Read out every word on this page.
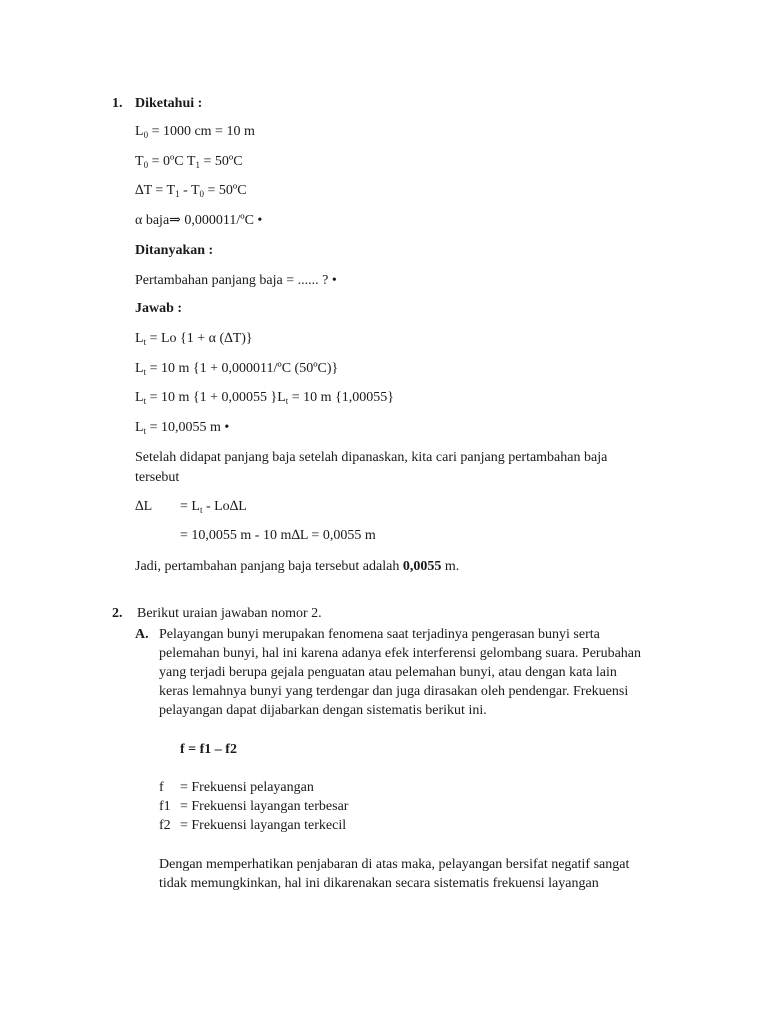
1. Diketahui :
$L_0 = 1000$ cm = 10 m
$T_0$ = 0ºC $T_1$ = 50ºC
$\Delta T = T_1 - T_0$ = 50ºC
α baja⇒ 0,000011/ºC •
Ditanyakan :
Pertambahan panjang baja = ...... ? •
Jawab :
$L_t = Lo$ {1 + α (∆T)}
$L_t = 10$ m {1 + 0,000011/ºC (50ºC)}
$L_t = 10$ m {1 + 0,00055 }$L_t = 10$ m {1,00055}
$L_t = 10,0055$ m •
Setelah didapat panjang baja setelah dipanaskan, kita cari panjang pertambahan baja
tersebut
$\Delta L = L_t - Lo\Delta L$
= 10,0055 m - 10 m∆L = 0,0055 m
Jadi, pertambahan panjang baja tersebut adalah 0,0055 m.
2. Berikut uraian jawaban nomor 2.
A. Pelayangan bunyi merupakan fenomena saat terjadinya pengerasan bunyi serta
pelemahan bunyi, hal ini karena adanya efek interferensi gelombang suara. Perubahan
yang terjadi berupa gejala penguatan atau pelemahan bunyi, atau dengan kata lain
keras lemahnya bunyi yang terdengar dan juga dirasakan oleh pendengar. Frekuensi
pelayangan dapat dijabarkan dengan sistematis berikut ini.
f = f1 – f2
f = Frekuensi pelayangan
f1 = Frekuensi layangan terbesar
f2 = Frekuensi layangan terkecil
Dengan memperhatikan penjabaran di atas maka, pelayangan bersifat negatif sangat
tidak memungkinkan, hal ini dikarenakan secara sistematis frekuensi layangan
